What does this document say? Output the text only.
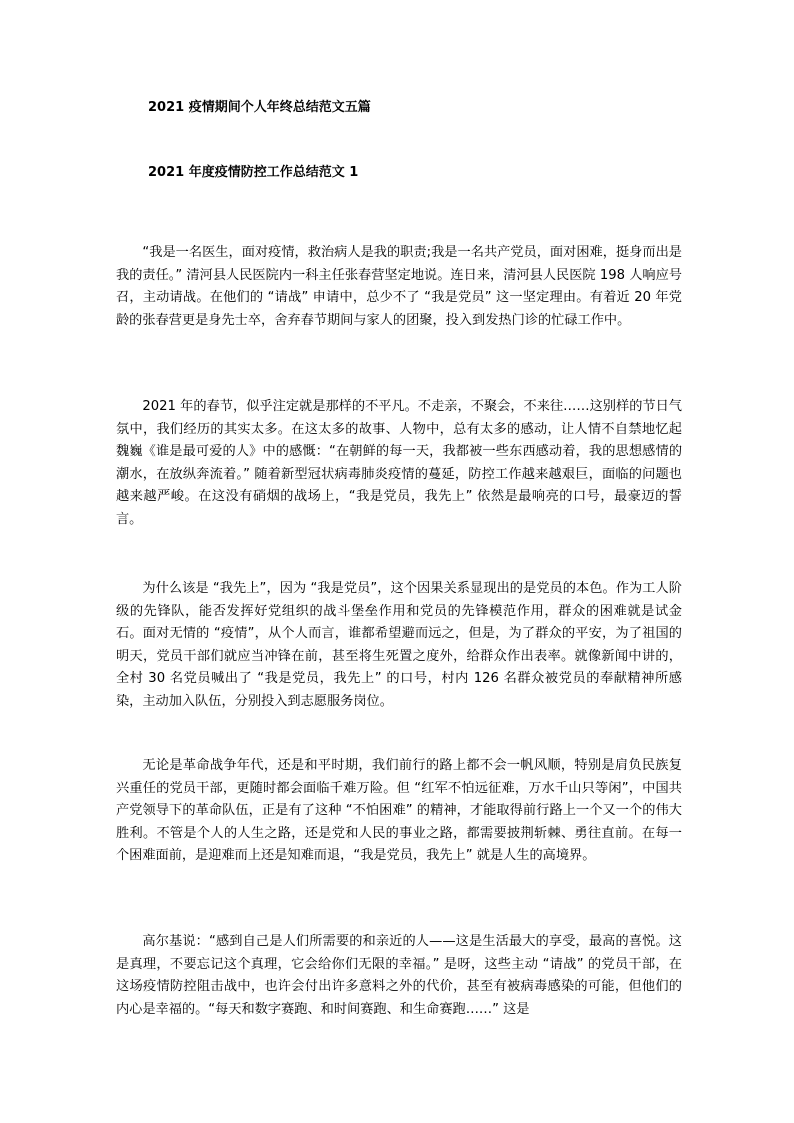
2021 疫情期间个人年终总结范文五篇
2021 年度疫情防控工作总结范文 1

“我是一名医生，面对疫情，救治病人是我的职责;我是一名共产党员，面对困难，挺身而出是我的责任。” 清河县人民医院内一科主任张春营坚定地说。连日来，清河县人民医院 198 人响应号召，主动请战。在他们的 “请战” 申请中，总少不了 “我是党员” 这一坚定理由。有着近 20 年党龄的张春营更是身先士卒，舍弃春节期间与家人的团聚，投入到发热门诊的忙碌工作中。

2021 年的春节，似乎注定就是那样的不平凡。不走亲，不聚会，不来往……这别样的节日气氛中，我们经历的其实太多。在这太多的故事、人物中，总有太多的感动，让人情不自禁地忆起魏巍《谁是最可爱的人》中的感慨：“在朝鲜的每一天，我都被一些东西感动着，我的思想感情的潮水，在放纵奔流着。” 随着新型冠状病毒肺炎疫情的蔓延，防控工作越来越艰巨，面临的问题也越来越严峻。在这没有硝烟的战场上，“我是党员，我先上” 依然是最响亮的口号，最豪迈的誓言。

为什么该是 “我先上”，因为 “我是党员”，这个因果关系显现出的是党员的本色。作为工人阶级的先锋队，能否发挥好党组织的战斗堡垒作用和党员的先锋模范作用，群众的困难就是试金石。面对无情的 “疫情”，从个人而言，谁都希望避而远之，但是，为了群众的平安，为了祖国的明天，党员干部们就应当冲锋在前，甚至将生死置之度外，给群众作出表率。就像新闻中讲的，全村 30 名党员喊出了 “我是党员，我先上” 的口号，村内 126 名群众被党员的奉献精神所感染，主动加入队伍，分别投入到志愿服务岗位。

无论是革命战争年代，还是和平时期，我们前行的路上都不会一帆风顺，特别是肩负民族复兴重任的党员干部，更随时都会面临千难万险。但 “红军不怕远征难，万水千山只等闲”，中国共产党领导下的革命队伍，正是有了这种 “不怕困难” 的精神，才能取得前行路上一个又一个的伟大胜利。不管是个人的人生之路，还是党和人民的事业之路，都需要披荆斩棘、勇往直前。在每一个困难面前，是迎难而上还是知难而退，“我是党员，我先上” 就是人生的高境界。

高尔基说：“感到自己是人们所需要的和亲近的人——这是生活最大的享受，最高的喜悦。这是真理，不要忘记这个真理，它会给你们无限的幸福。” 是呀，这些主动 “请战” 的党员干部，在这场疫情防控阻击战中，也许会付出许多意料之外的代价，甚至有被病毒感染的可能，但他们的内心是幸福的。“每天和数字赛跑、和时间赛跑、和生命赛跑……” 这是
